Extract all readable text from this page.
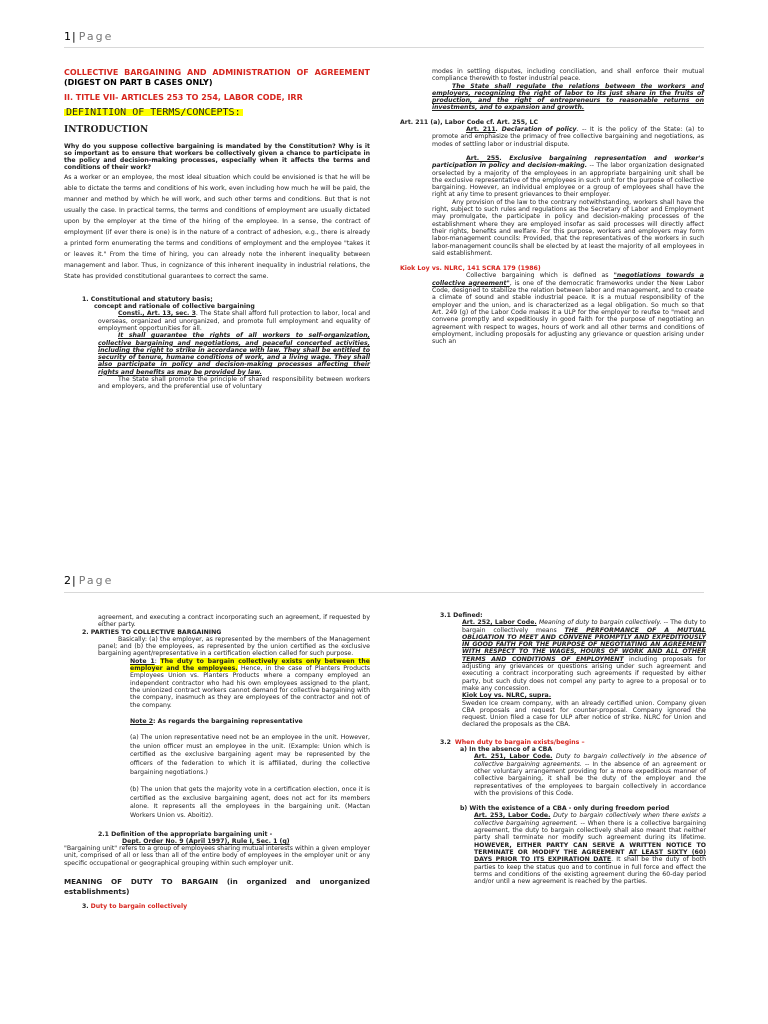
1| Page
COLLECTIVE BARGAINING AND ADMINISTRATION OF AGREEMENT (DIGEST ON PART B CASES ONLY)
II. TITLE VII- ARTICLES 253 TO 254, LABOR CODE, IRR
DEFINITION OF TERMS/CONCEPTS:
INTRODUCTION

Why do you suppose collective bargaining is mandated by the Constitution? Why is it so important as to ensure that workers be collectively given a chance to participate in the policy and decision-making processes, especially when it affects the terms and conditions of their work?

As a worker or an employee, the most ideal situation which could be envisioned is that he will be able to dictate the terms and conditions of his work, even including how much he will be paid, the manner and method by which he will work, and such other terms and conditions. But that is not usually the case. In practical terms, the terms and conditions of employment are usually dictated upon by the employer at the time of the hiring of the employee. In a sense, the contract of employment (if ever there is one) is in the nature of a contract of adhesion, e.g., there is already a printed form enumerating the terms and conditions of employment and the employee "takes it or leaves it." From the time of hiring, you can already note the inherent inequality between management and labor. Thus, in cognizance of this inherent inequality in industrial relations, the State has provided constitutional guarantees to correct the same.

1. Constitutional and statutory basis;

concept and rationale of collective bargaining

Consti., Art. 13, sec. 3. The State shall afford full protection to labor, local and overseas, organized and unorganized, and promote full employment and equality of employment opportunities for all.

It shall guarantee the rights of all workers to self-organization, collective bargaining and negotiations, and peaceful concerted activities, including the right to strike in accordance with law. They shall be entitled to security of tenure, humane conditions of work, and a living wage. They shall also participate in policy and decision-making processes affecting their rights and benefits as may be provided by law.

The State shall promote the principle of shared responsibility between workers and employers, and the preferential use of voluntary

modes in settling disputes, including conciliation, and shall enforce their mutual compliance therewith to foster industrial peace.

The State shall regulate the relations between the workers and employers, recognizing the right of labor to its just share in the fruits of production, and the right of entrepreneurs to reasonable returns on investments, and to expansion and growth.

Art. 211 (a), Labor Code cf. Art. 255, LC

Art. 211. Declaration of policy. -- It is the policy of the State: (a) to promote and emphasize the primacy of free collective bargaining and negotiations, as modes of settling labor or industrial dispute.

Art. 255. Exclusive bargaining representation and worker's participation in policy and decision-making. -- The labor organization designated orselected by a majority of the employees in an appropriate bargaining unit shall be the exclusive representative of the employees in such unit for the purpose of collective bargaining. However, an individual employee or a group of employees shall have the right at any time to present grievances to their employer.

Any provision of the law to the contrary notwithstanding, workers shall have the right, subject to such rules and regulations as the Secretary of Labor and Employment may promulgate, the participate in policy and decision-making processes of the establishment where they are employed insofar as said processes will directly affect their rights, benefits and welfare. For this purpose, workers and employers may form labor-management councils: Provided, that the representatives of the workers in such labor-management councils shall be elected by at least the majority of all employees in said establishment.

Kiok Loy vs. NLRC, 141 SCRA 179 (1986)

Collective bargaining which is defined as "negotiations towards a collective agreement", is one of the democratic frameworks under the New Labor Code, designed to stabilize the relation between labor and management, and to create a climate of sound and stable industrial peace. It is a mutual responsibility of the employer and the union, and is characterized as a legal obligation. So much so that Art. 249 (g) of the Labor Code makes it a ULP for the employer to reufse to "meet and convene promptly and expeditiously in good faith for the purpose of negotiating an agreement with respect to wages, hours of work and all other terms and conditions of employment, including proposals for adjusting any grievance or question arising under such an

2| Page

agreement, and executing a contract incorporating such an agreement, if requested by either party.

2. PARTIES TO COLLECTIVE BARGAINING

Basically: (a) the employer, as represented by the members of the Management panel; and (b) the employees, as represented by the union certified as the exclusive bargaining agent/representative in a certification election called for such purpose.

Note 1: The duty to bargain collectively exists only between the employer and the employees. Hence, in the case of Planters Products Employees Union vs. Planters Products where a company employed an independent contractor who had his own employees assigned to the plant, the unionized contract workers cannot demand for collective bargaining with the company, inasmuch as they are employees of the contractor and not of the company.

Note 2: As regards the bargaining representative

(a) The union representative need not be an employee in the unit. However, the union officer must an employee in the unit. (Example: Union which is certified as the exclusive bargaining agent may be represented by the officers of the federation to which it is affiliated, during the collective bargaining negotiations.)

(b) The union that gets the majority vote in a certification election, once it is certified as the exclusive bargaining agent, does not act for its members alone. It represents all the employees in the bargaining unit. (Mactan Workers Union vs. Aboitiz).

2.1 Definition of the appropriate bargaining unit -

Dept. Order No. 9 (April 1997), Rule I, Sec. 1 (q)

"Bargaining unit" refers to a group of employees sharing mutual interests within a given employer unit, comprised of all or less than all of the entire body of employees in the employer unit or any specific occupational or geographical grouping within such employer unit.

MEANING OF DUTY TO BARGAIN (in organized and unorganized establishments)

3. Duty to bargain collectively

3.1 Defined:

Art. 252, Labor Code. Meaning of duty to bargain collectively. -- The duty to bargain collectively means THE PERFORMANCE OF A MUTUAL OBLIGATION TO MEET AND CONVENE PROMPTLY AND EXPEDITIOUSLY IN GOOD FAITH FOR THE PURPOSE OF NEGOTIATING AN AGREEMENT WITH RESPECT TO THE WAGES, HOURS OF WORK AND ALL OTHER TERMS AND CONDITIONS OF EMPLOYMENT including proposals for adjusting any grievances or questions arising under such agreement and executing a contract incorporating such agreements if requested by either party, but such duty does not compel any party to agree to a proposal or to make any concession.

Kiok Loy vs. NLRC, supra.

Sweden Ice cream company, with an already certified union. Company given CBA proposals and request for counter-proposal. Company ignored the request. Union filed a case for ULP after notice of strike. NLRC for Union and declared the proposals as the CBA.

3.2 When duty to bargain exists/begins –

a) In the absence of a CBA

Art. 251, Labor Code. Duty to bargain collectively in the absence of collective bargaining agreements. -- In the absence of an agreement or other voluntary arrangement providing for a more expeditious manner of collective bargaining, it shall be the duty of the employer and the representatives of the employees to bargain collectively in accordance with the provisions of this Code.

b) With the existence of a CBA - only during freedom period

Art. 253, Labor Code. Duty to bargain collectively when there exists a collective bargaining agreement. -- When there is a collective bargaining agreement, the duty to bargain collectively shall also meant that neither party shall terminate nor modify such agreement during its lifetime. HOWEVER, EITHER PARTY CAN SERVE A WRITTEN NOTICE TO TERMINATE OR MODIFY THE AGREEMENT AT LEAST SIXTY (60) DAYS PRIOR TO ITS EXPIRATION DATE. It shall be the duty of both parties to keep the status quo and to continue in full force and effect the terms and conditions of the existing agreement during the 60-day period and/or until a new agreement is reached by the parties.
